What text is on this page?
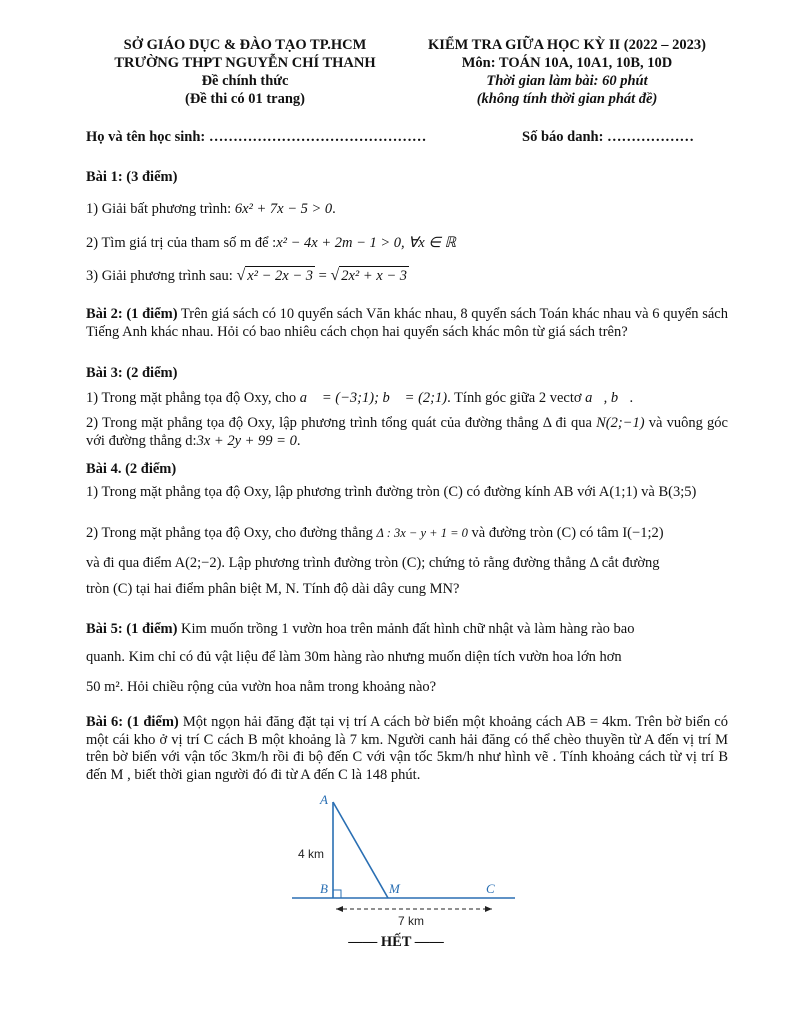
SỞ GIÁO DỤC & ĐÀO TẠO TP.HCM
TRƯỜNG THPT NGUYỄN CHÍ THANH
Đề chính thức
(Đề thi có 01 trang)
KIỂM TRA GIỮA HỌC KỲ II (2022 – 2023)
Môn: TOÁN 10A, 10A1, 10B, 10D
Thời gian làm bài: 60 phút
(không tính thời gian phát đề)
Họ và tên học sinh: ………………………………………	Số báo danh: ………………
Bài 1: (3 điểm)
1) Giải bất phương trình: 6x² + 7x − 5 > 0.
2) Tìm giá trị của tham số m để :x² − 4x + 2m − 1 > 0, ∀x ∈ ℝ
3) Giải phương trình sau: √ x² − 2x − 3 = √ 2x² + x − 3
Bài 2: (1 điểm) Trên giá sách có 10 quyển sách Văn khác nhau, 8 quyển sách Toán khác nhau và 6 quyển sách Tiếng Anh khác nhau. Hỏi có bao nhiêu cách chọn hai quyển sách khác môn từ giá sách trên?
Bài 3: (2 điểm)
1) Trong mặt phẳng tọa độ Oxy, cho a⃗ = (−3;1); b⃗ = (2;1). Tính góc giữa 2 vectơ a⃗, b⃗.
2) Trong mặt phẳng tọa độ Oxy, lập phương trình tổng quát của đường thẳng Δ đi qua N(2;−1) và vuông góc với đường thẳng d:3x + 2y + 99 = 0.
Bài 4. (2 điểm)
1) Trong mặt phẳng tọa độ Oxy, lập phương trình đường tròn (C) có đường kính AB với A(1;1) và B(3;5)
2) Trong mặt phẳng tọa độ Oxy, cho đường thẳng Δ : 3x − y + 1 = 0 và đường tròn (C) có tâm I(−1;2)
và đi qua điểm A(2;−2). Lập phương trình đường tròn (C); chứng tỏ rằng đường thẳng Δ cắt đường
tròn (C) tại hai điểm phân biệt M, N. Tính độ dài dây cung MN?
Bài 5: (1 điểm) Kim muốn trồng 1 vườn hoa trên mảnh đất hình chữ nhật và làm hàng rào bao
quanh. Kim chỉ có đủ vật liệu để làm 30m hàng rào nhưng muốn diện tích vườn hoa lớn hơn
50 m². Hỏi chiều rộng của vườn hoa nằm trong khoảng nào?
Bài 6: (1 điểm) Một ngọn hải đăng đặt tại vị trí A cách bờ biển một khoảng cách AB = 4km. Trên bờ biển có một cái kho ở vị trí C cách B một khoảng là 7 km. Người canh hải đăng có thể chèo thuyền từ A đến vị trí M trên bờ biển với vận tốc 3km/h rồi đi bộ đến C với vận tốc 5km/h như hình vẽ . Tính khoảng cách từ vị trí B đến M , biết thời gian người đó đi từ A đến C là 148 phút.
A
B	M	C
4 km
7 km
–––– HẾT ––––
